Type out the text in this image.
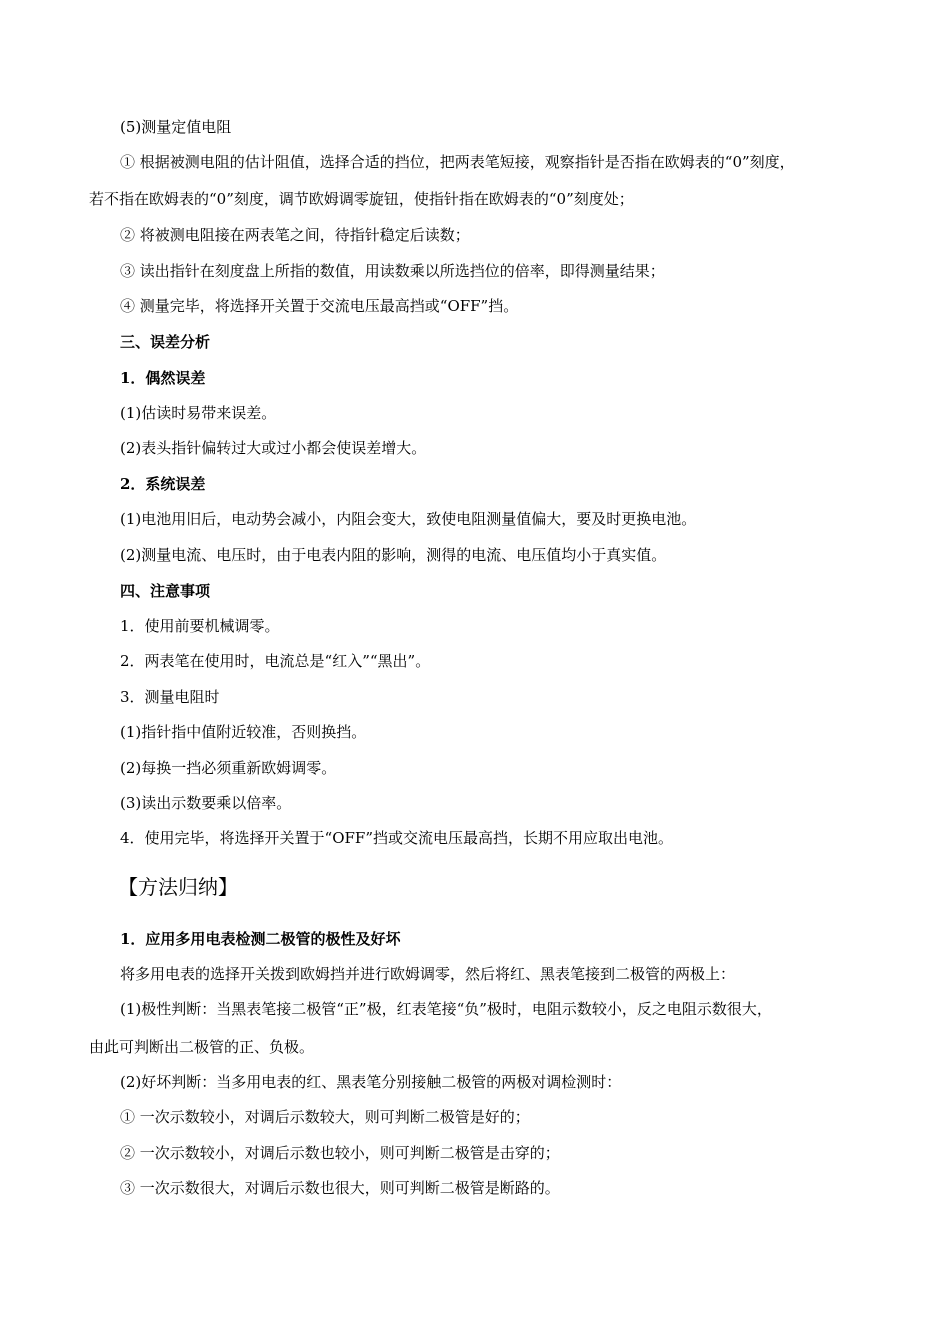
(5)测量定值电阻
① 根据被测电阻的估计阻值，选择合适的挡位，把两表笔短接，观察指针是否指在欧姆表的“0”刻度，
若不指在欧姆表的“0”刻度，调节欧姆调零旋钮，使指针指在欧姆表的“0”刻度处；
② 将被测电阻接在两表笔之间，待指针稳定后读数；
③ 读出指针在刻度盘上所指的数值，用读数乘以所选挡位的倍率，即得测量结果；
④ 测量完毕，将选择开关置于交流电压最高挡或“OFF”挡。
三、误差分析
1．偶然误差
(1)估读时易带来误差。
(2)表头指针偏转过大或过小都会使误差增大。
2．系统误差
(1)电池用旧后，电动势会减小，内阻会变大，致使电阻测量值偏大，要及时更换电池。
(2)测量电流、电压时，由于电表内阻的影响，测得的电流、电压值均小于真实值。
四、注意事项
1．使用前要机械调零。
2．两表笔在使用时，电流总是“红入”“黑出”。
3．测量电阻时
(1)指针指中值附近较准，否则换挡。
(2)每换一挡必须重新欧姆调零。
(3)读出示数要乘以倍率。
4．使用完毕，将选择开关置于“OFF”挡或交流电压最高挡，长期不用应取出电池。
【方法归纳】
1．应用多用电表检测二极管的极性及好坏
将多用电表的选择开关拨到欧姆挡并进行欧姆调零，然后将红、黑表笔接到二极管的两极上：
(1)极性判断：当黑表笔接二极管“正”极，红表笔接“负”极时，电阻示数较小，反之电阻示数很大，
由此可判断出二极管的正、负极。
(2)好坏判断：当多用电表的红、黑表笔分别接触二极管的两极对调检测时：
① 一次示数较小，对调后示数较大，则可判断二极管是好的；
② 一次示数较小，对调后示数也较小，则可判断二极管是击穿的；
③ 一次示数很大，对调后示数也很大，则可判断二极管是断路的。
